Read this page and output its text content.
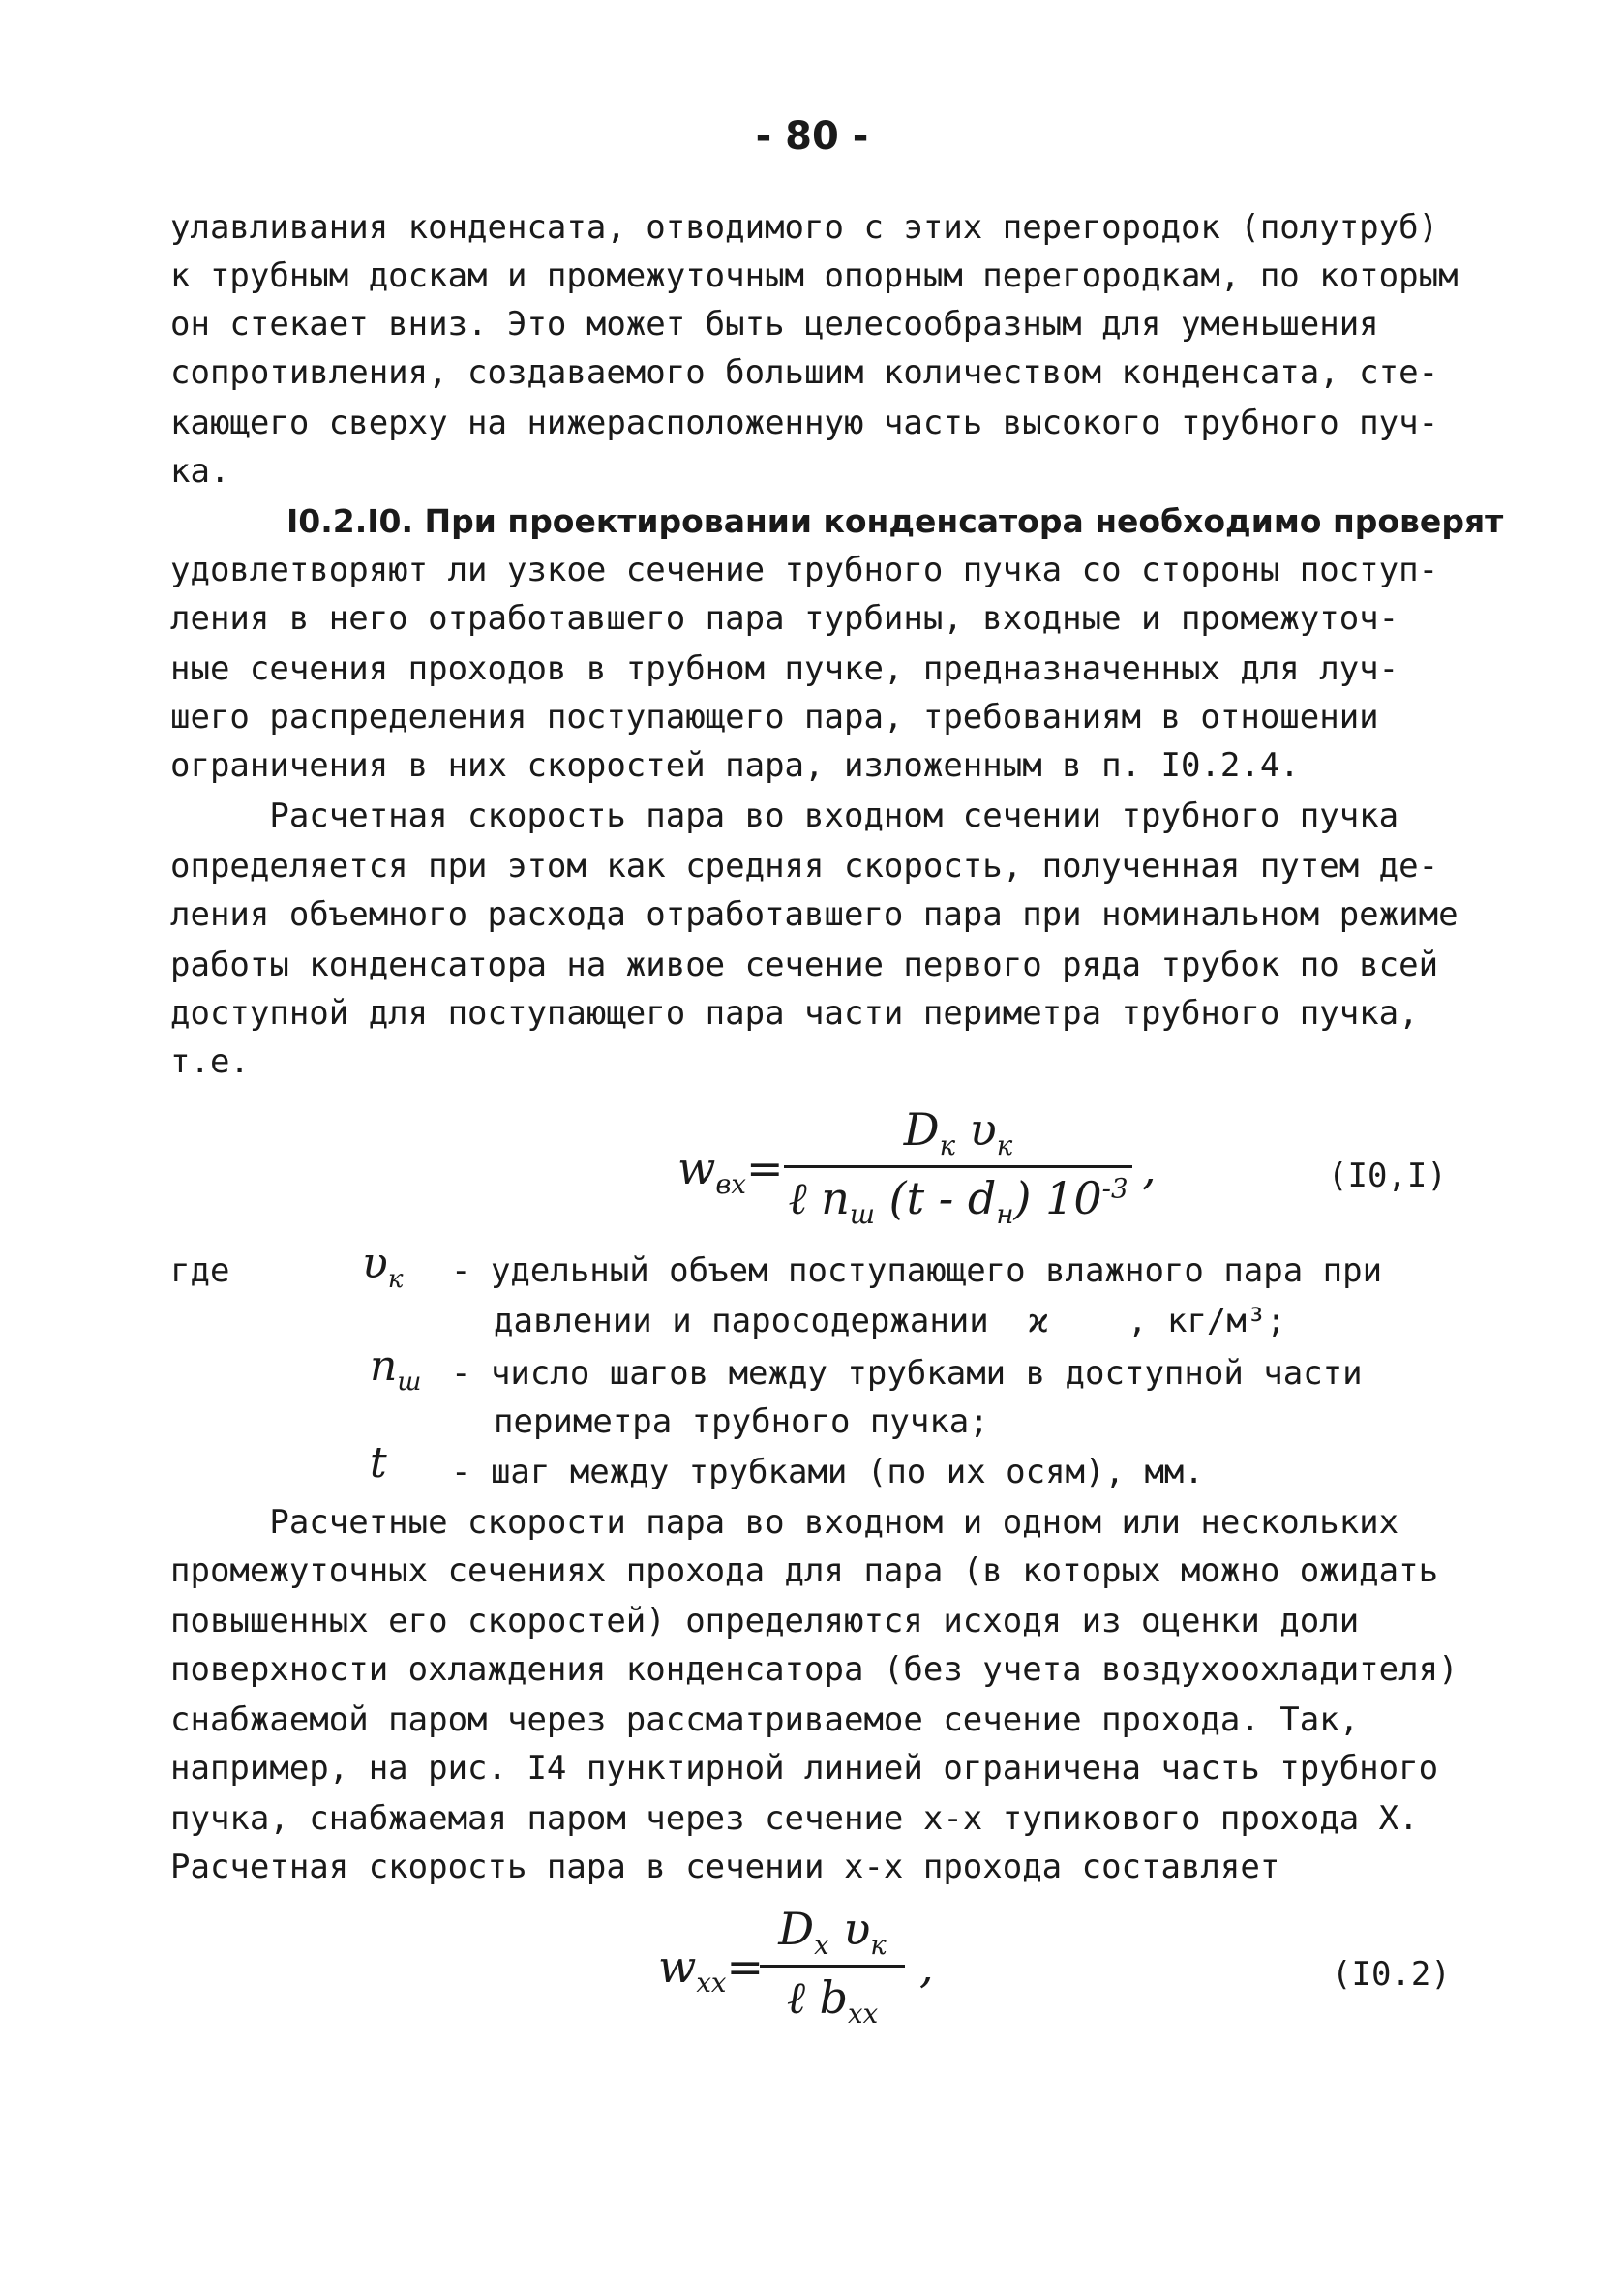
- 80 -
улавливания конденсата, отводимого с этих перегородок (полутруб)
к трубным доскам и промежуточным опорным перегородкам, по которым
он стекает вниз. Это может быть целесообразным для уменьшения
сопротивления, создаваемого большим количеством конденсата, сте-
кающего сверху на нижерасположенную часть высокого трубного пуч-
ка.
I0.2.I0. При проектировании конденсатора необходимо проверят
удовлетворяют ли узкое сечение трубного пучка со стороны поступ-
ления в него отработавшего пара турбины, входные и промежуточ-
ные сечения проходов в трубном пучке, предназначенных для луч-
шего распределения поступающего пара, требованиям в отношении
ограничения в них скоростей пара, изложенным в п. I0.2.4.
Расчетная скорость пара во входном сечении трубного пучка
определяется при этом как средняя скорость, полученная путем де-
ления объемного расхода отработавшего пара при номинальном режиме
работы конденсатора на живое сечение первого ряда трубок по всей
доступной для поступающего пара части периметра трубного пучка,
т.е.
$w_{вх}=$
$D_к$ $\upsilon_к$
ℓ $n_ш$ $(t - d_н)$ $10^{-3}$ ,	(I0,I)
где	$\upsilon_к$ - удельный объем поступающего влажного пара при
давлении и паросодержании  ϰ    , кг/м³;
$n_ш$ - число шагов между трубками в доступной части
периметра трубного пучка;
t - шаг между трубками (по их осям), мм.
Расчетные скорости пара во входном и одном или нескольких
промежуточных сечениях прохода для пара (в которых можно ожидать
повышенных его скоростей) определяются исходя из оценки доли
поверхности охлаждения конденсатора (без учета воздухоохладителя)
снабжаемой паром через рассматриваемое сечение прохода. Так,
например, на рис. I4 пунктирной линией ограничена часть трубного
пучка, снабжаемая паром через сечение х-х тупикового прохода X.
Расчетная скорость пара в сечении х-х прохода составляет
$w_{хх}=$
$D_х$ $\upsilon_к$
ℓ $b_{хх}$
,	(I0.2)
